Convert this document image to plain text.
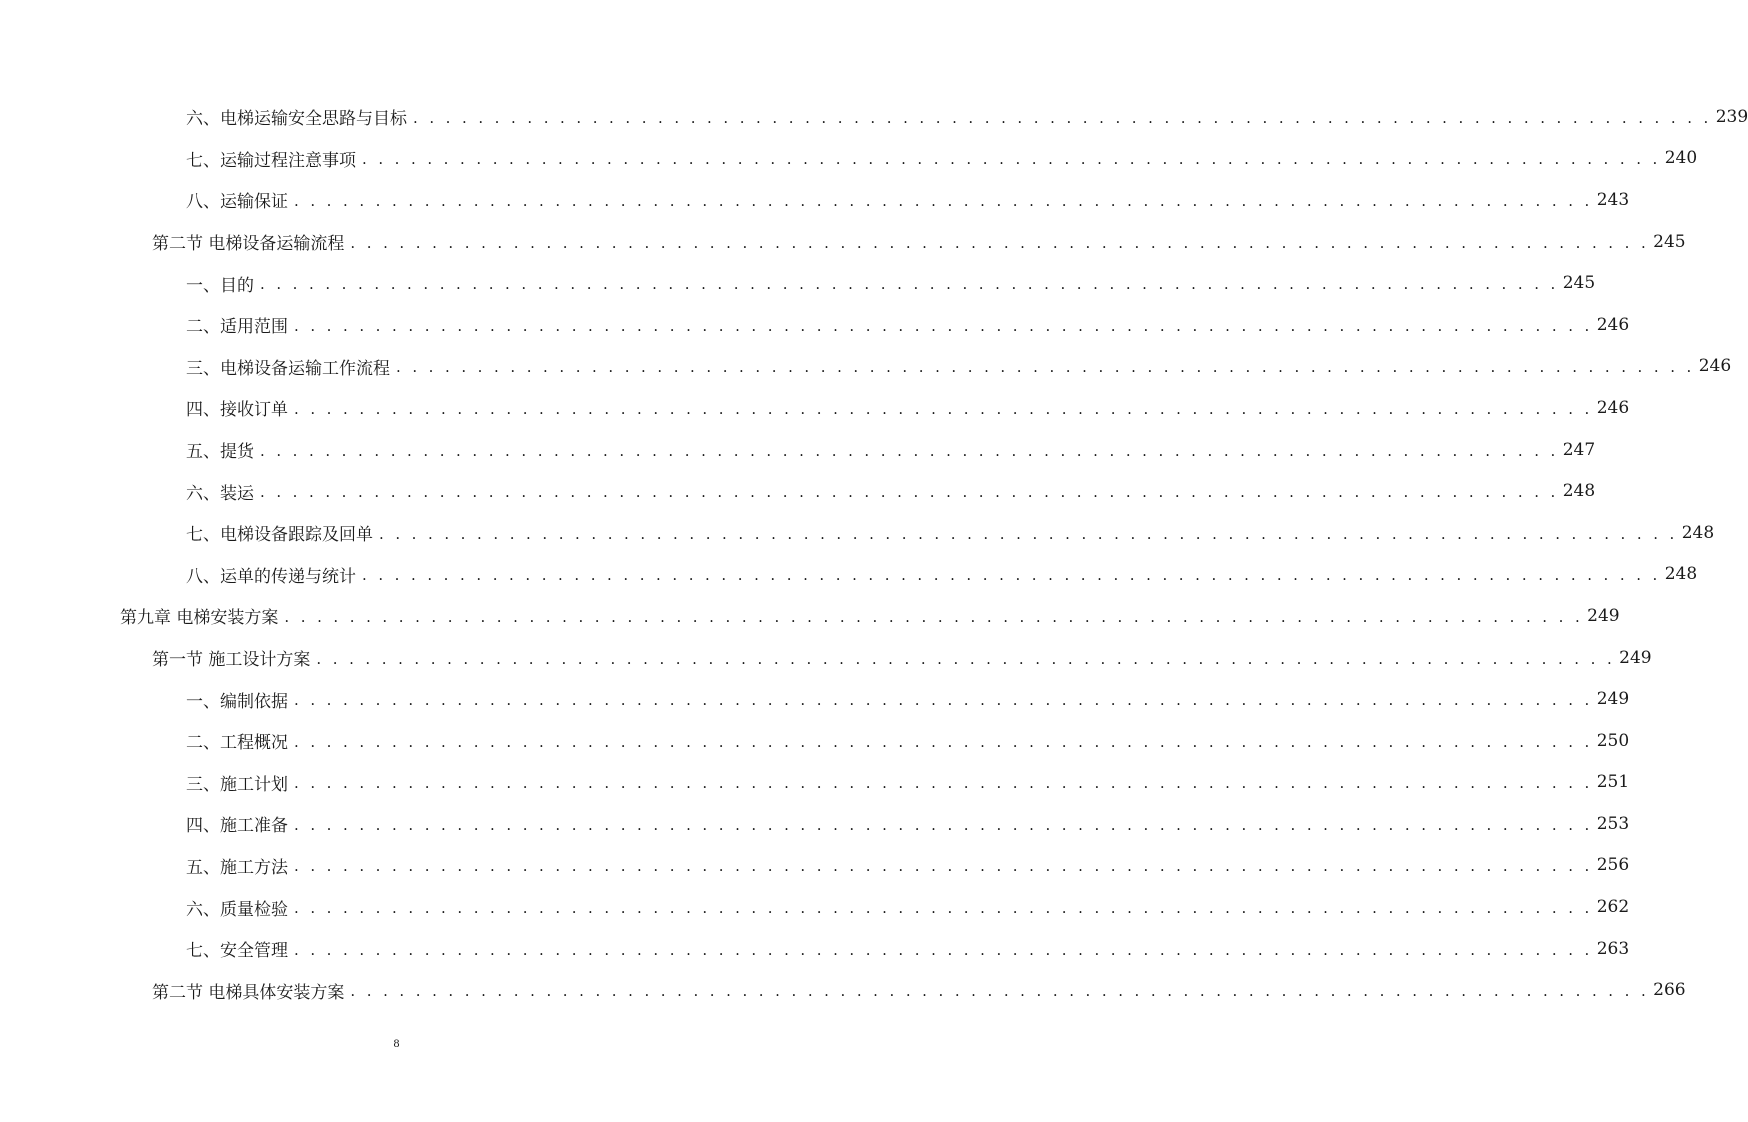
六、电梯运输安全思路与目标 . . . . . . . . . . . . . . . . . . . . . . . . . . . . . . . . . . . . . . . . . . . . . . . . . . . . . . . . . . . . . . . . . . . . . . . . . . . . . . . . 239
七、运输过程注意事项 . . . . . . . . . . . . . . . . . . . . . . . . . . . . . . . . . . . . . . . . . . . . . . . . . . . . . . . . . . . . . . . . . . . . . . . . . . . . . . . . 240
八、运输保证 . . . . . . . . . . . . . . . . . . . . . . . . . . . . . . . . . . . . . . . . . . . . . . . . . . . . . . . . . . . . . . . . . . . . . . . . . . . . . . . . 243
第二节 电梯设备运输流程 . . . . . . . . . . . . . . . . . . . . . . . . . . . . . . . . . . . . . . . . . . . . . . . . . . . . . . . . . . . . . . . . . . . . . . . . . . . . . . . . 245
一、目的 . . . . . . . . . . . . . . . . . . . . . . . . . . . . . . . . . . . . . . . . . . . . . . . . . . . . . . . . . . . . . . . . . . . . . . . . . . . . . . . . 245
二、适用范围 . . . . . . . . . . . . . . . . . . . . . . . . . . . . . . . . . . . . . . . . . . . . . . . . . . . . . . . . . . . . . . . . . . . . . . . . . . . . . . . . 246
三、电梯设备运输工作流程 . . . . . . . . . . . . . . . . . . . . . . . . . . . . . . . . . . . . . . . . . . . . . . . . . . . . . . . . . . . . . . . . . . . . . . . . . . . . . . . . 246
四、接收订单 . . . . . . . . . . . . . . . . . . . . . . . . . . . . . . . . . . . . . . . . . . . . . . . . . . . . . . . . . . . . . . . . . . . . . . . . . . . . . . . . 246
五、提货 . . . . . . . . . . . . . . . . . . . . . . . . . . . . . . . . . . . . . . . . . . . . . . . . . . . . . . . . . . . . . . . . . . . . . . . . . . . . . . . . 247
六、装运 . . . . . . . . . . . . . . . . . . . . . . . . . . . . . . . . . . . . . . . . . . . . . . . . . . . . . . . . . . . . . . . . . . . . . . . . . . . . . . . . 248
七、电梯设备跟踪及回单 . . . . . . . . . . . . . . . . . . . . . . . . . . . . . . . . . . . . . . . . . . . . . . . . . . . . . . . . . . . . . . . . . . . . . . . . . . . . . . . . 248
八、运单的传递与统计 . . . . . . . . . . . . . . . . . . . . . . . . . . . . . . . . . . . . . . . . . . . . . . . . . . . . . . . . . . . . . . . . . . . . . . . . . . . . . . . . 248
第九章 电梯安装方案 . . . . . . . . . . . . . . . . . . . . . . . . . . . . . . . . . . . . . . . . . . . . . . . . . . . . . . . . . . . . . . . . . . . . . . . . . . . . . . . . 249
第一节 施工设计方案 . . . . . . . . . . . . . . . . . . . . . . . . . . . . . . . . . . . . . . . . . . . . . . . . . . . . . . . . . . . . . . . . . . . . . . . . . . . . . . . . 249
一、编制依据 . . . . . . . . . . . . . . . . . . . . . . . . . . . . . . . . . . . . . . . . . . . . . . . . . . . . . . . . . . . . . . . . . . . . . . . . . . . . . . . . 249
二、工程概况 . . . . . . . . . . . . . . . . . . . . . . . . . . . . . . . . . . . . . . . . . . . . . . . . . . . . . . . . . . . . . . . . . . . . . . . . . . . . . . . . 250
三、施工计划 . . . . . . . . . . . . . . . . . . . . . . . . . . . . . . . . . . . . . . . . . . . . . . . . . . . . . . . . . . . . . . . . . . . . . . . . . . . . . . . . 251
四、施工准备 . . . . . . . . . . . . . . . . . . . . . . . . . . . . . . . . . . . . . . . . . . . . . . . . . . . . . . . . . . . . . . . . . . . . . . . . . . . . . . . . 253
五、施工方法 . . . . . . . . . . . . . . . . . . . . . . . . . . . . . . . . . . . . . . . . . . . . . . . . . . . . . . . . . . . . . . . . . . . . . . . . . . . . . . . . 256
六、质量检验 . . . . . . . . . . . . . . . . . . . . . . . . . . . . . . . . . . . . . . . . . . . . . . . . . . . . . . . . . . . . . . . . . . . . . . . . . . . . . . . . 262
七、安全管理 . . . . . . . . . . . . . . . . . . . . . . . . . . . . . . . . . . . . . . . . . . . . . . . . . . . . . . . . . . . . . . . . . . . . . . . . . . . . . . . . 263
第二节 电梯具体安装方案 . . . . . . . . . . . . . . . . . . . . . . . . . . . . . . . . . . . . . . . . . . . . . . . . . . . . . . . . . . . . . . . . . . . . . . . . . . . . . . . . 266
8
